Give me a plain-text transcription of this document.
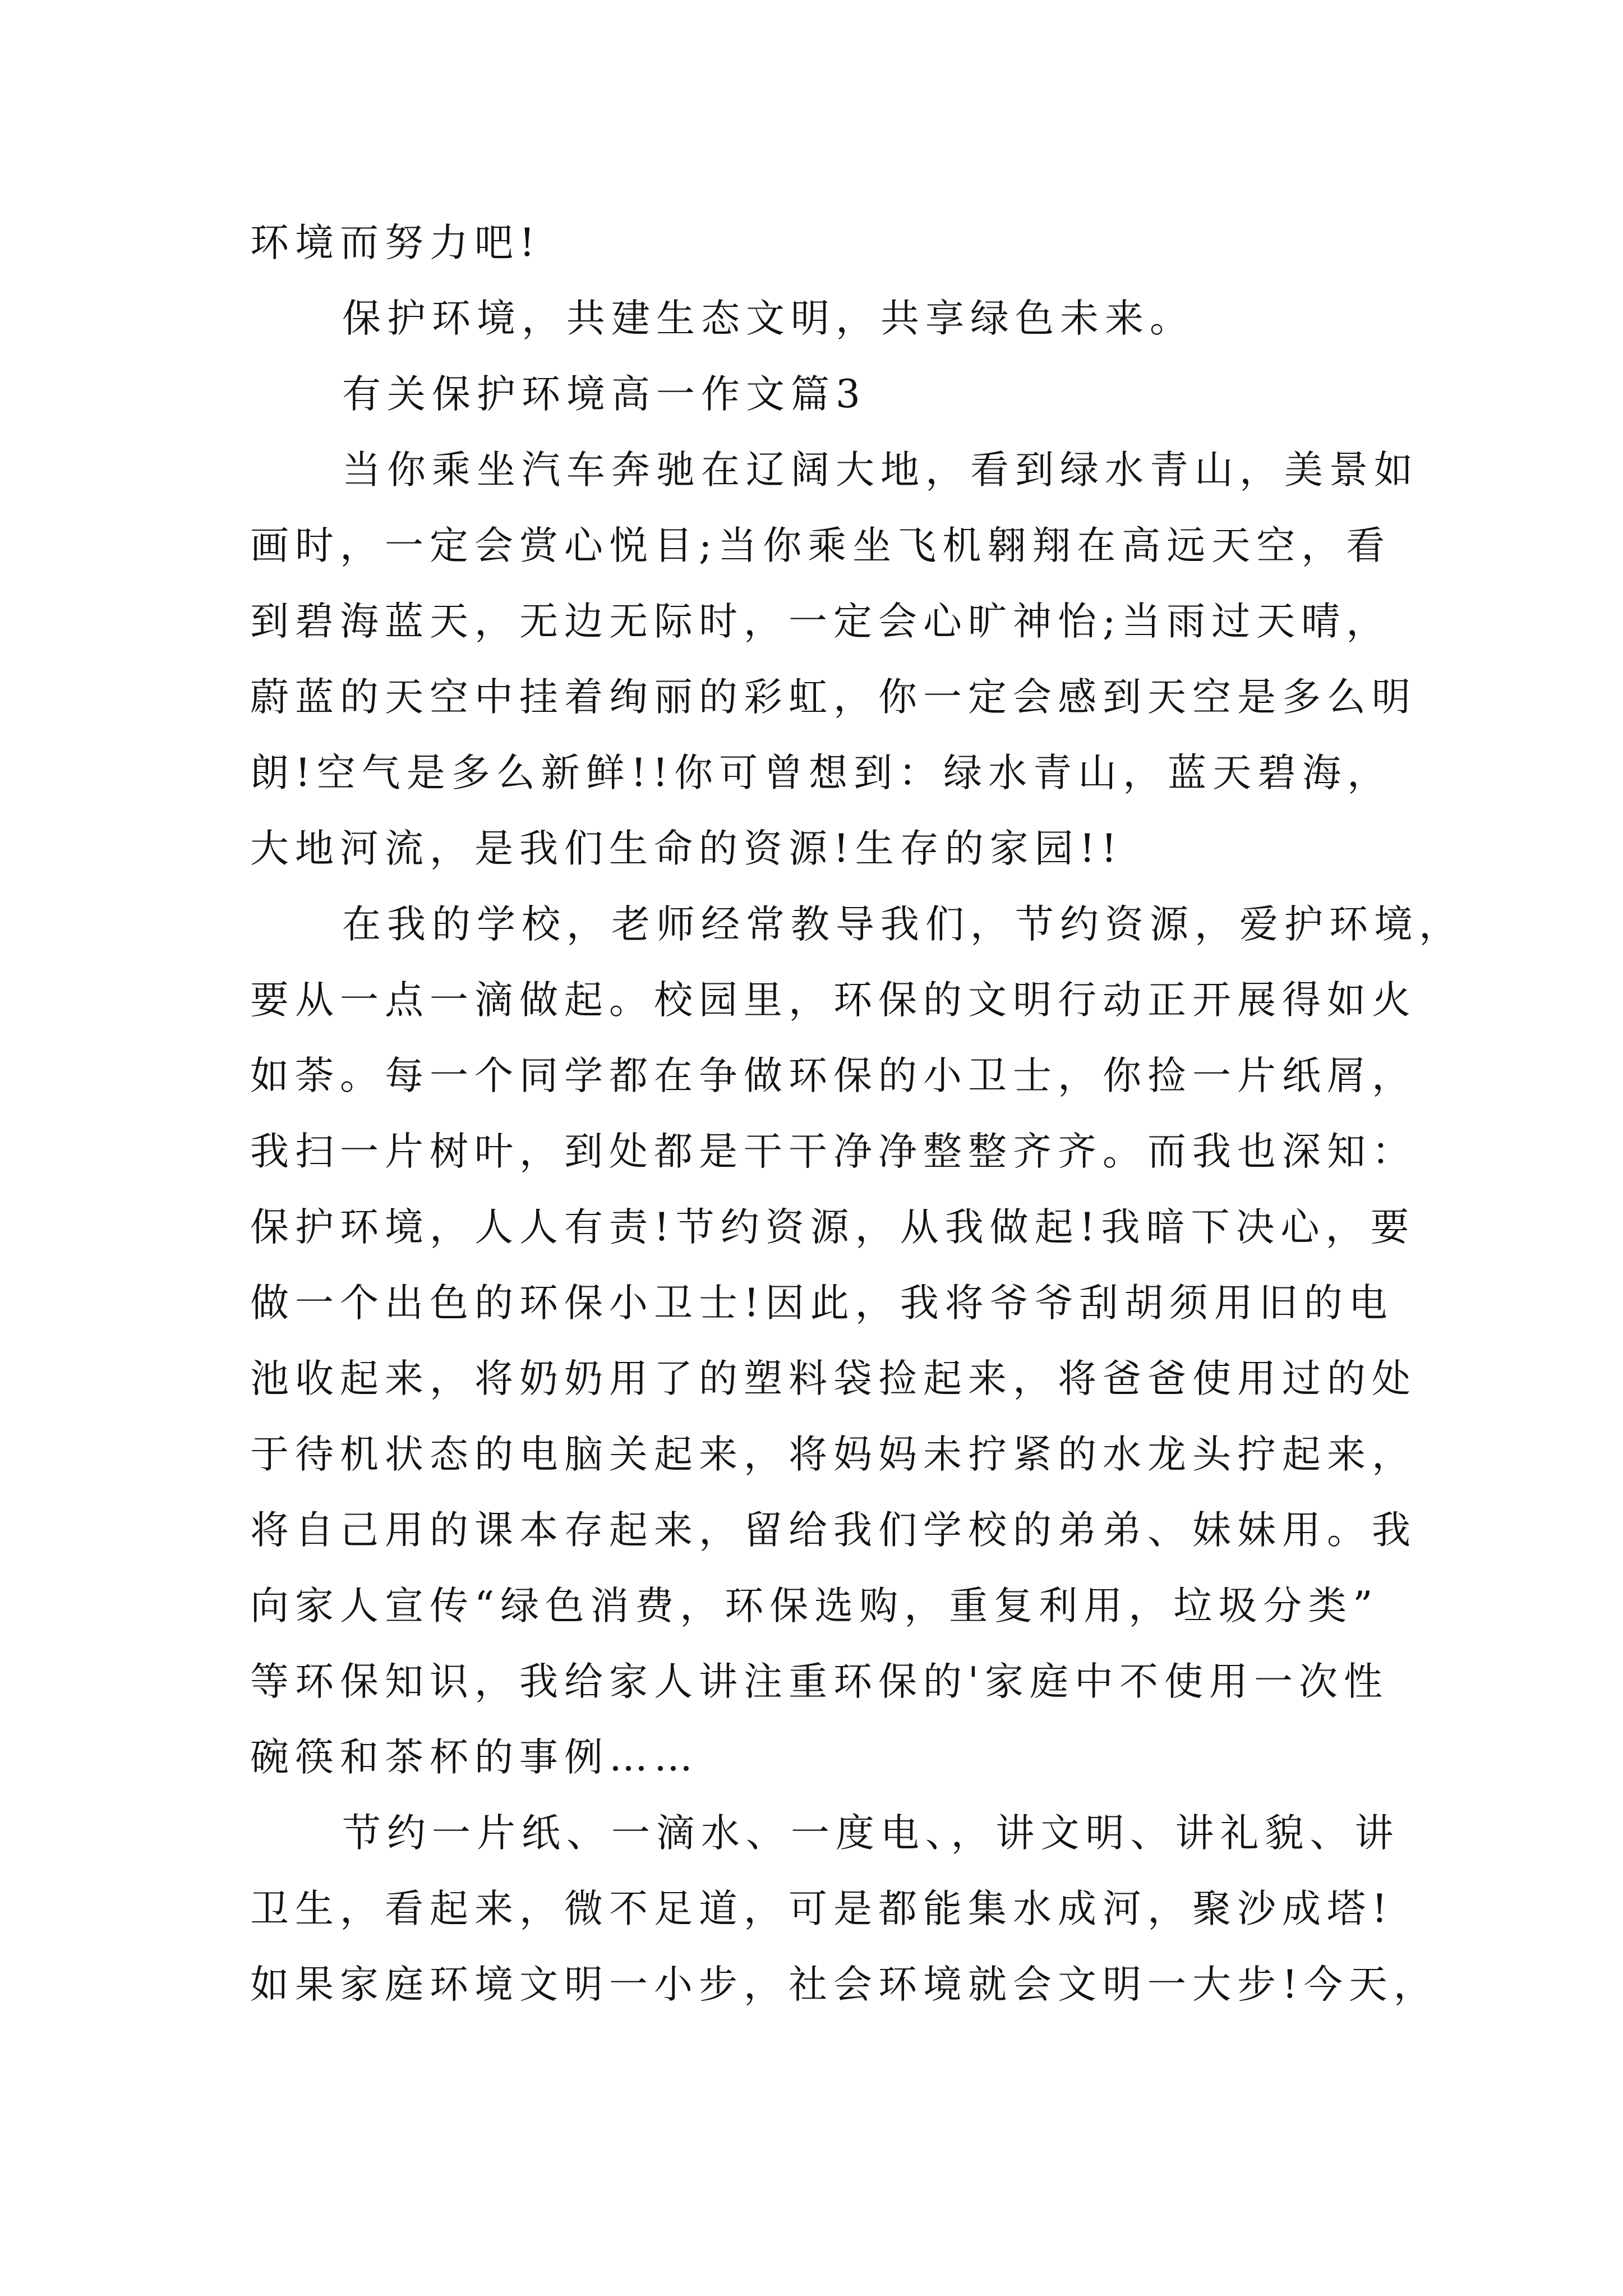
环境而努力吧!

保护环境，共建生态文明，共享绿色未来。

有关保护环境高一作文篇3

当你乘坐汽车奔驰在辽阔大地，看到绿水青山，美景如

画时，一定会赏心悦目;当你乘坐飞机翱翔在高远天空，看

到碧海蓝天，无边无际时，一定会心旷神怡;当雨过天晴，

蔚蓝的天空中挂着绚丽的彩虹，你一定会感到天空是多么明

朗!空气是多么新鲜!!你可曾想到：绿水青山，蓝天碧海，

大地河流，是我们生命的资源!生存的家园!!

在我的学校，老师经常教导我们，节约资源，爱护环境，

要从一点一滴做起。校园里，环保的文明行动正开展得如火

如荼。每一个同学都在争做环保的小卫士，你捡一片纸屑，

我扫一片树叶，到处都是干干净净整整齐齐。而我也深知：

保护环境，人人有责!节约资源，从我做起!我暗下决心，要

做一个出色的环保小卫士!因此，我将爷爷刮胡须用旧的电

池收起来，将奶奶用了的塑料袋捡起来，将爸爸使用过的处

于待机状态的电脑关起来，将妈妈未拧紧的水龙头拧起来，

将自己用的课本存起来，留给我们学校的弟弟、妹妹用。我

向家人宣传“绿色消费，环保选购，重复利用，垃圾分类”

等环保知识，我给家人讲注重环保的'家庭中不使用一次性

碗筷和茶杯的事例……

节约一片纸、一滴水、一度电、，讲文明、讲礼貌、讲

卫生，看起来，微不足道，可是都能集水成河，聚沙成塔!

如果家庭环境文明一小步，社会环境就会文明一大步!今天，
